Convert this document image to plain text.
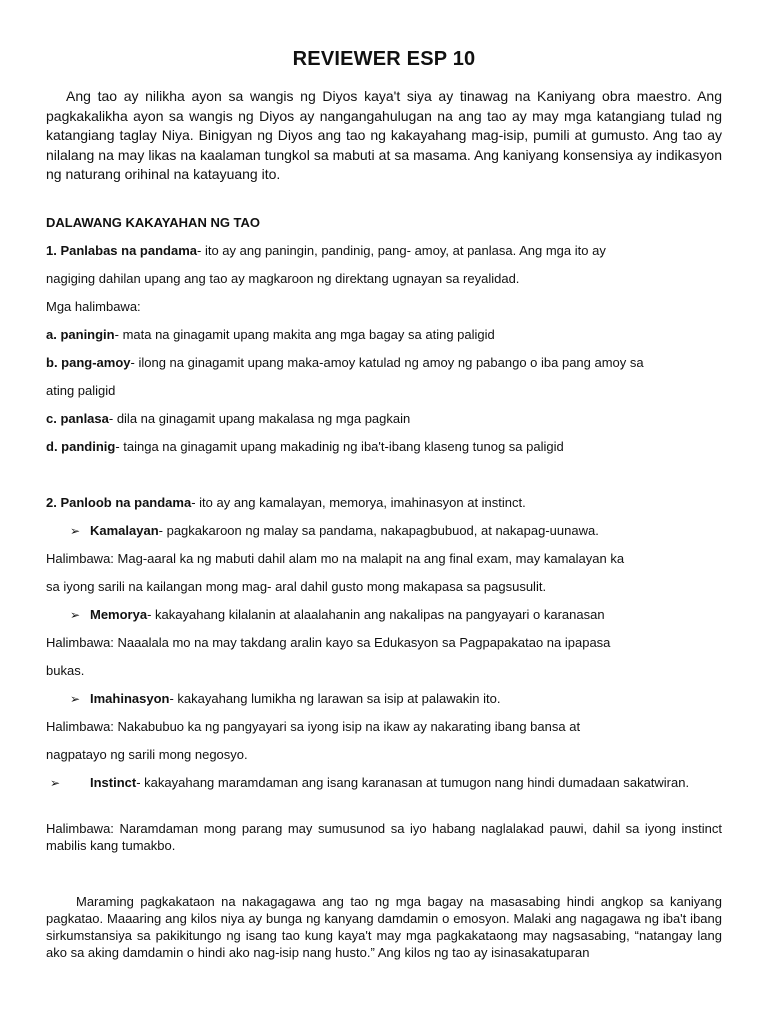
REVIEWER ESP 10
Ang tao ay nilikha ayon sa wangis ng Diyos kaya't siya ay tinawag na Kaniyang obra maestro. Ang pagkakalikha ayon sa wangis ng Diyos ay nangangahulugan na ang tao ay may mga katangiang tulad ng katangiang taglay Niya. Binigyan ng Diyos ang tao ng kakayahang mag-isip, pumili at gumusto. Ang tao ay nilalang na may likas na kaalaman tungkol sa mabuti at sa masama. Ang kaniyang konsensiya ay indikasyon ng naturang orihinal na katayuang ito.
DALAWANG KAKAYAHAN NG TAO
1. Panlabas na pandama- ito ay ang paningin, pandinig, pang- amoy, at panlasa. Ang mga ito ay
nagiging dahilan upang ang tao ay magkaroon ng direktang ugnayan sa reyalidad.
Mga halimbawa:
a. paningin- mata na ginagamit upang makita ang mga bagay sa ating paligid
b. pang-amoy- ilong na ginagamit upang maka-amoy katulad ng amoy ng pabango o iba pang amoy sa
ating paligid
c. panlasa- dila na ginagamit upang makalasa ng mga pagkain
d. pandinig- tainga na ginagamit upang makadinig ng iba't-ibang klaseng tunog sa paligid
2. Panloob na pandama- ito ay ang kamalayan, memorya, imahinasyon at instinct.
➢ Kamalayan- pagkakaroon ng malay sa pandama, nakapagbubuod, at nakapag-uunawa.
Halimbawa: Mag-aaral ka ng mabuti dahil alam mo na malapit na ang final exam, may kamalayan ka
sa iyong sarili na kailangan mong mag- aral dahil gusto mong makapasa sa pagsusulit.
➢ Memorya- kakayahang kilalanin at alaalahanin ang nakalipas na pangyayari o karanasan
Halimbawa: Naaalala mo na may takdang aralin kayo sa Edukasyon sa Pagpapakatao na ipapasa
bukas.
➢ Imahinasyon- kakayahang lumikha ng larawan sa isip at palawakin ito.
Halimbawa: Nakabubuo ka ng pangyayari sa iyong isip na ikaw ay nakarating ibang bansa at
nagpatayo ng sarili mong negosyo.
➢ Instinct- kakayahang maramdaman ang isang karanasan at tumugon nang hindi dumadaan sakatwiran.
Halimbawa: Naramdaman mong parang may sumusunod sa iyo habang naglalakad pauwi, dahil sa iyong instinct mabilis kang tumakbo.
Maraming pagkakataon na nakagagawa ang tao ng mga bagay na masasabing hindi angkop sa kaniyang pagkatao. Maaaring ang kilos niya ay bunga ng kanyang damdamin o emosyon. Malaki ang nagagawa ng iba't ibang sirkumstansiya sa pakikitungo ng isang tao kung kaya't may mga pagkakataong may nagsasabing, “natangay lang ako sa aking damdamin o hindi ako nag-isip nang husto.” Ang kilos ng tao ay isinasakatuparan
